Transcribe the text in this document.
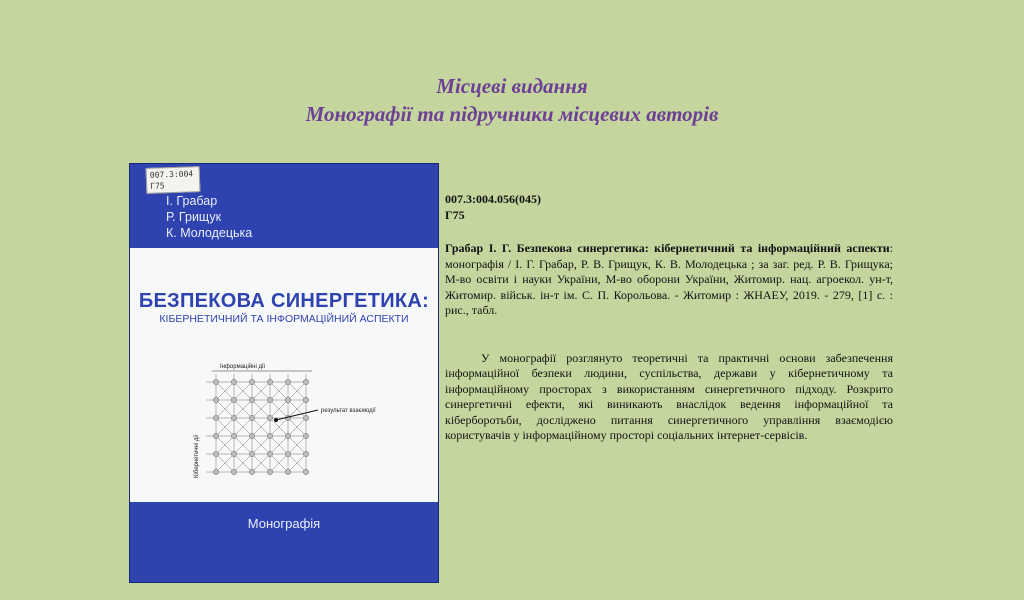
Місцеві видання
Монографії та підручники місцевих авторів
007.3:004
Г75
І. Грабар
Р. Грищук
К. Молодецька
БЕЗПЕКОВА СИНЕРГЕТИКА:
КІБЕРНЕТИЧНИЙ ТА ІНФОРМАЦІЙНИЙ АСПЕКТИ
Інформаційні дії
Кібернетичні дії
результат взаємодії
Монографія
007.3:004.056(045)
Г75
Грабар І. Г. Безпекова синергетика: кібернетичний та інформаційний аспекти: монографія / І. Г. Грабар, Р. В. Грищук, К. В. Молодецька ; за заг. ред. Р. В. Грищука; М-во освіти і науки України, М-во оборони України, Житомир. нац. агроекол. ун-т, Житомир. військ. ін-т ім. С. П. Корольова. - Житомир : ЖНАЕУ, 2019. - 279, [1] с. : рис., табл.
У монографії розглянуто теоретичні та практичні основи забезпечення інформаційної безпеки людини, суспільства, держави у кібернетичному та інформаційному просторах з використанням синергетичного підходу. Розкрито синергетичні ефекти, які виникають внаслідок ведення інформаційної та кіберборотьби, досліджено питання синергетичного управління взаємодією користувачів у інформаційному просторі соціальних інтернет-сервісів.
